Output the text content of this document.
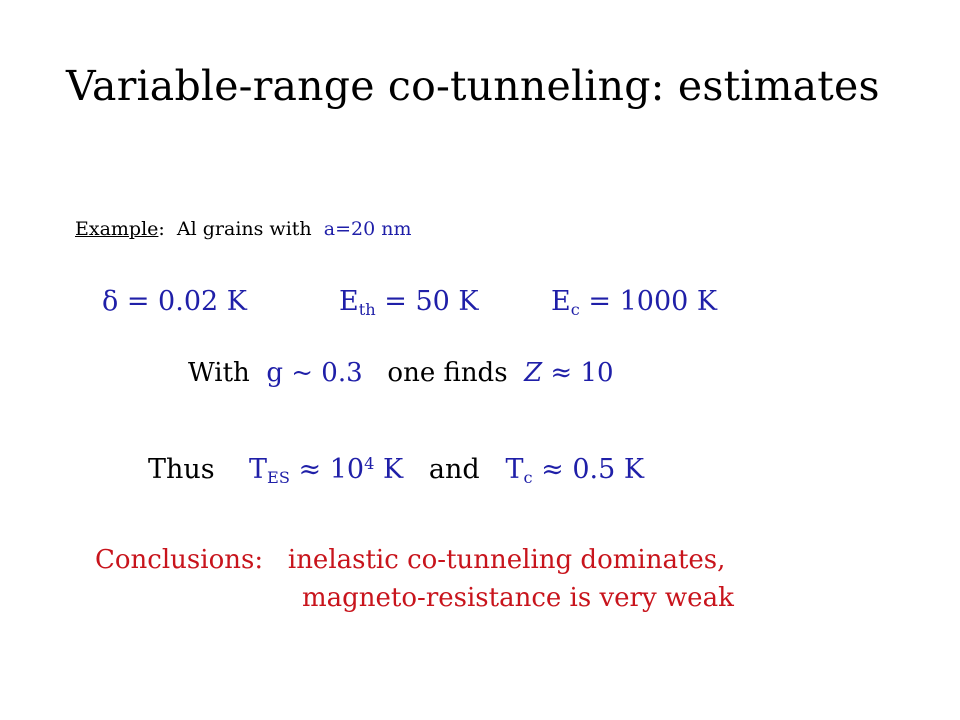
Variable-range co-tunneling: estimates
Example: Al grains with a=20 nm
δ = 0.02 K	$E_{th} = 50$ K	$E_c = 1000$ K
With g ~ 0.3 one finds Z ≈ 10
Thus $T_{ES} \approx 10^4$ K and $T_c \approx 0.5$ K
Conclusions: inelastic co-tunneling dominates,
magneto-resistance is very weak
